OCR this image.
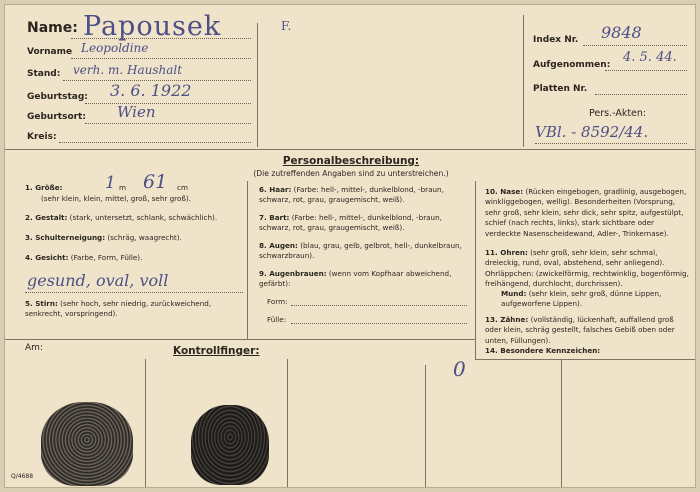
Name: Papousek
Vorname Leopoldine
Stand: verh. m. Haushalt
Geburtstag: 3. 6. 1922
Geburtsort: Wien
Kreis:
F.
Index Nr. 9848
Aufgenommen: 4. 5. 44.
Platten Nr.
Pers.-Akten:
VBl. - 8592/44.
Personalbeschreibung:
(Die zutreffenden Angaben sind zu unterstreichen.)
1. Größe:	1 m 61 cm
(sehr klein, klein, mittel, groß, sehr groß).
2. Gestalt: (stark, untersetzt, schlank, schwächlich).
3. Schulterneigung: (schräg, waagrecht).
4. Gesicht: (Farbe, Form, Fülle).
gesund, oval, voll
5. Stirn: (sehr hoch, sehr niedrig, zurückweichend, senkrecht, vorspringend).
6. Haar: (Farbe: hell-, mittel-, dunkelblond, -braun, schwarz, rot, grau, graugemischt, weiß).
7. Bart: (Farbe: hell-, mittel-, dunkelblond, -braun, schwarz, rot, grau, graugemischt, weiß).
8. Augen: (blau, grau, gelb, gelbrot, hell-, dunkelbraun, schwarzbraun).
9. Augenbrauen: (wenn vom Kopfhaar abweichend, gefärbt):
Form:
Fülle:
10. Nase: (Rücken eingebogen, gradlinig, ausgebogen, winkliggebogen, wellig). Besonderheiten (Vorsprung, sehr groß, sehr klein, sehr dick, sehr spitz, aufgestülpt, schief (nach rechts, links), stark sichtbare oder verdeckte Nasenscheidewand, Adler-, Trinkernase).
11. Ohren: (sehr groß, sehr klein, sehr schmal, dreieckig, rund, oval, abstehend, sehr anliegend). Ohrläppchen: (zwickelförmig, rechtwinklig, bogenförmig, freihängend, durchlocht, durchrissen).
Mund: (sehr klein, sehr groß, dünne Lippen, aufgeworfene Lippen).
13. Zähne: (vollständig, lückenhaft, auffallend groß oder klein, schräg gestellt, falsches Gebiß oben oder unten, Füllungen).
14. Besondere Kennzeichen:
0
Am:	Kontrollfinger:
Q/4688
